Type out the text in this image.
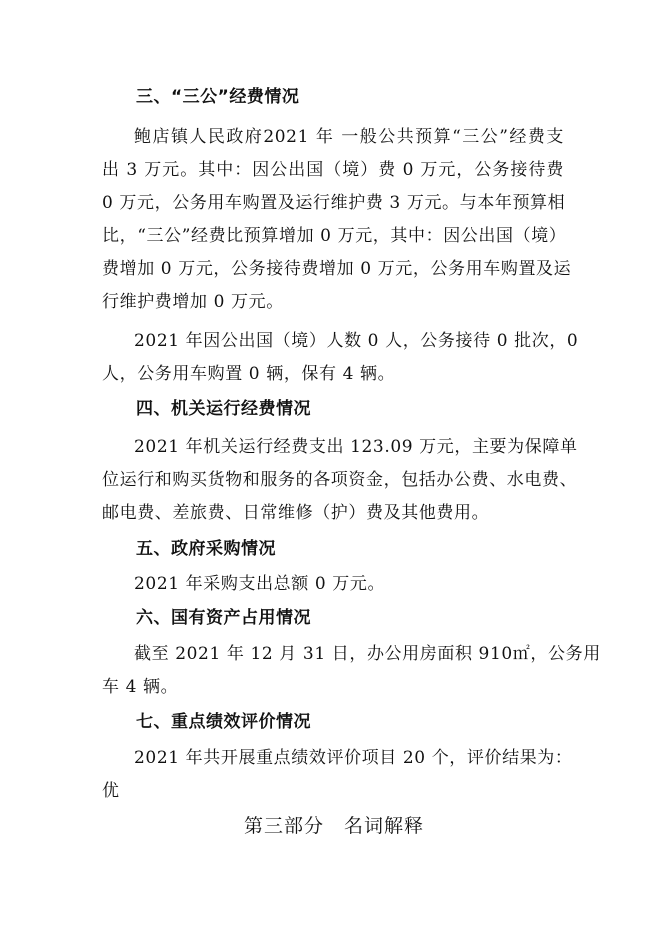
三、“三公”经费情况
鲍店镇人民政府2021 年 一般公共预算“三公”经费支
出 3 万元。其中：因公出国（境）费 0 万元，公务接待费
0 万元，公务用车购置及运行维护费 3 万元。与本年预算相
比，“三公”经费比预算增加 0 万元，其中：因公出国（境）
费增加 0 万元，公务接待费增加 0 万元，公务用车购置及运
行维护费增加 0 万元。
2021 年因公出国（境）人数 0 人，公务接待 0 批次，0
人，公务用车购置 0 辆，保有 4 辆。
四、机关运行经费情况
2021 年机关运行经费支出 123.09 万元，主要为保障单
位运行和购买货物和服务的各项资金，包括办公费、水电费、
邮电费、差旅费、日常维修（护）费及其他费用。
五、政府采购情况
2021 年采购支出总额 0 万元。
六、国有资产占用情况
截至 2021 年 12 月 31 日，办公用房面积 910㎡，公务用
车 4 辆。
七、重点绩效评价情况
2021 年共开展重点绩效评价项目 20 个，评价结果为：
优
第三部分　名词解释
